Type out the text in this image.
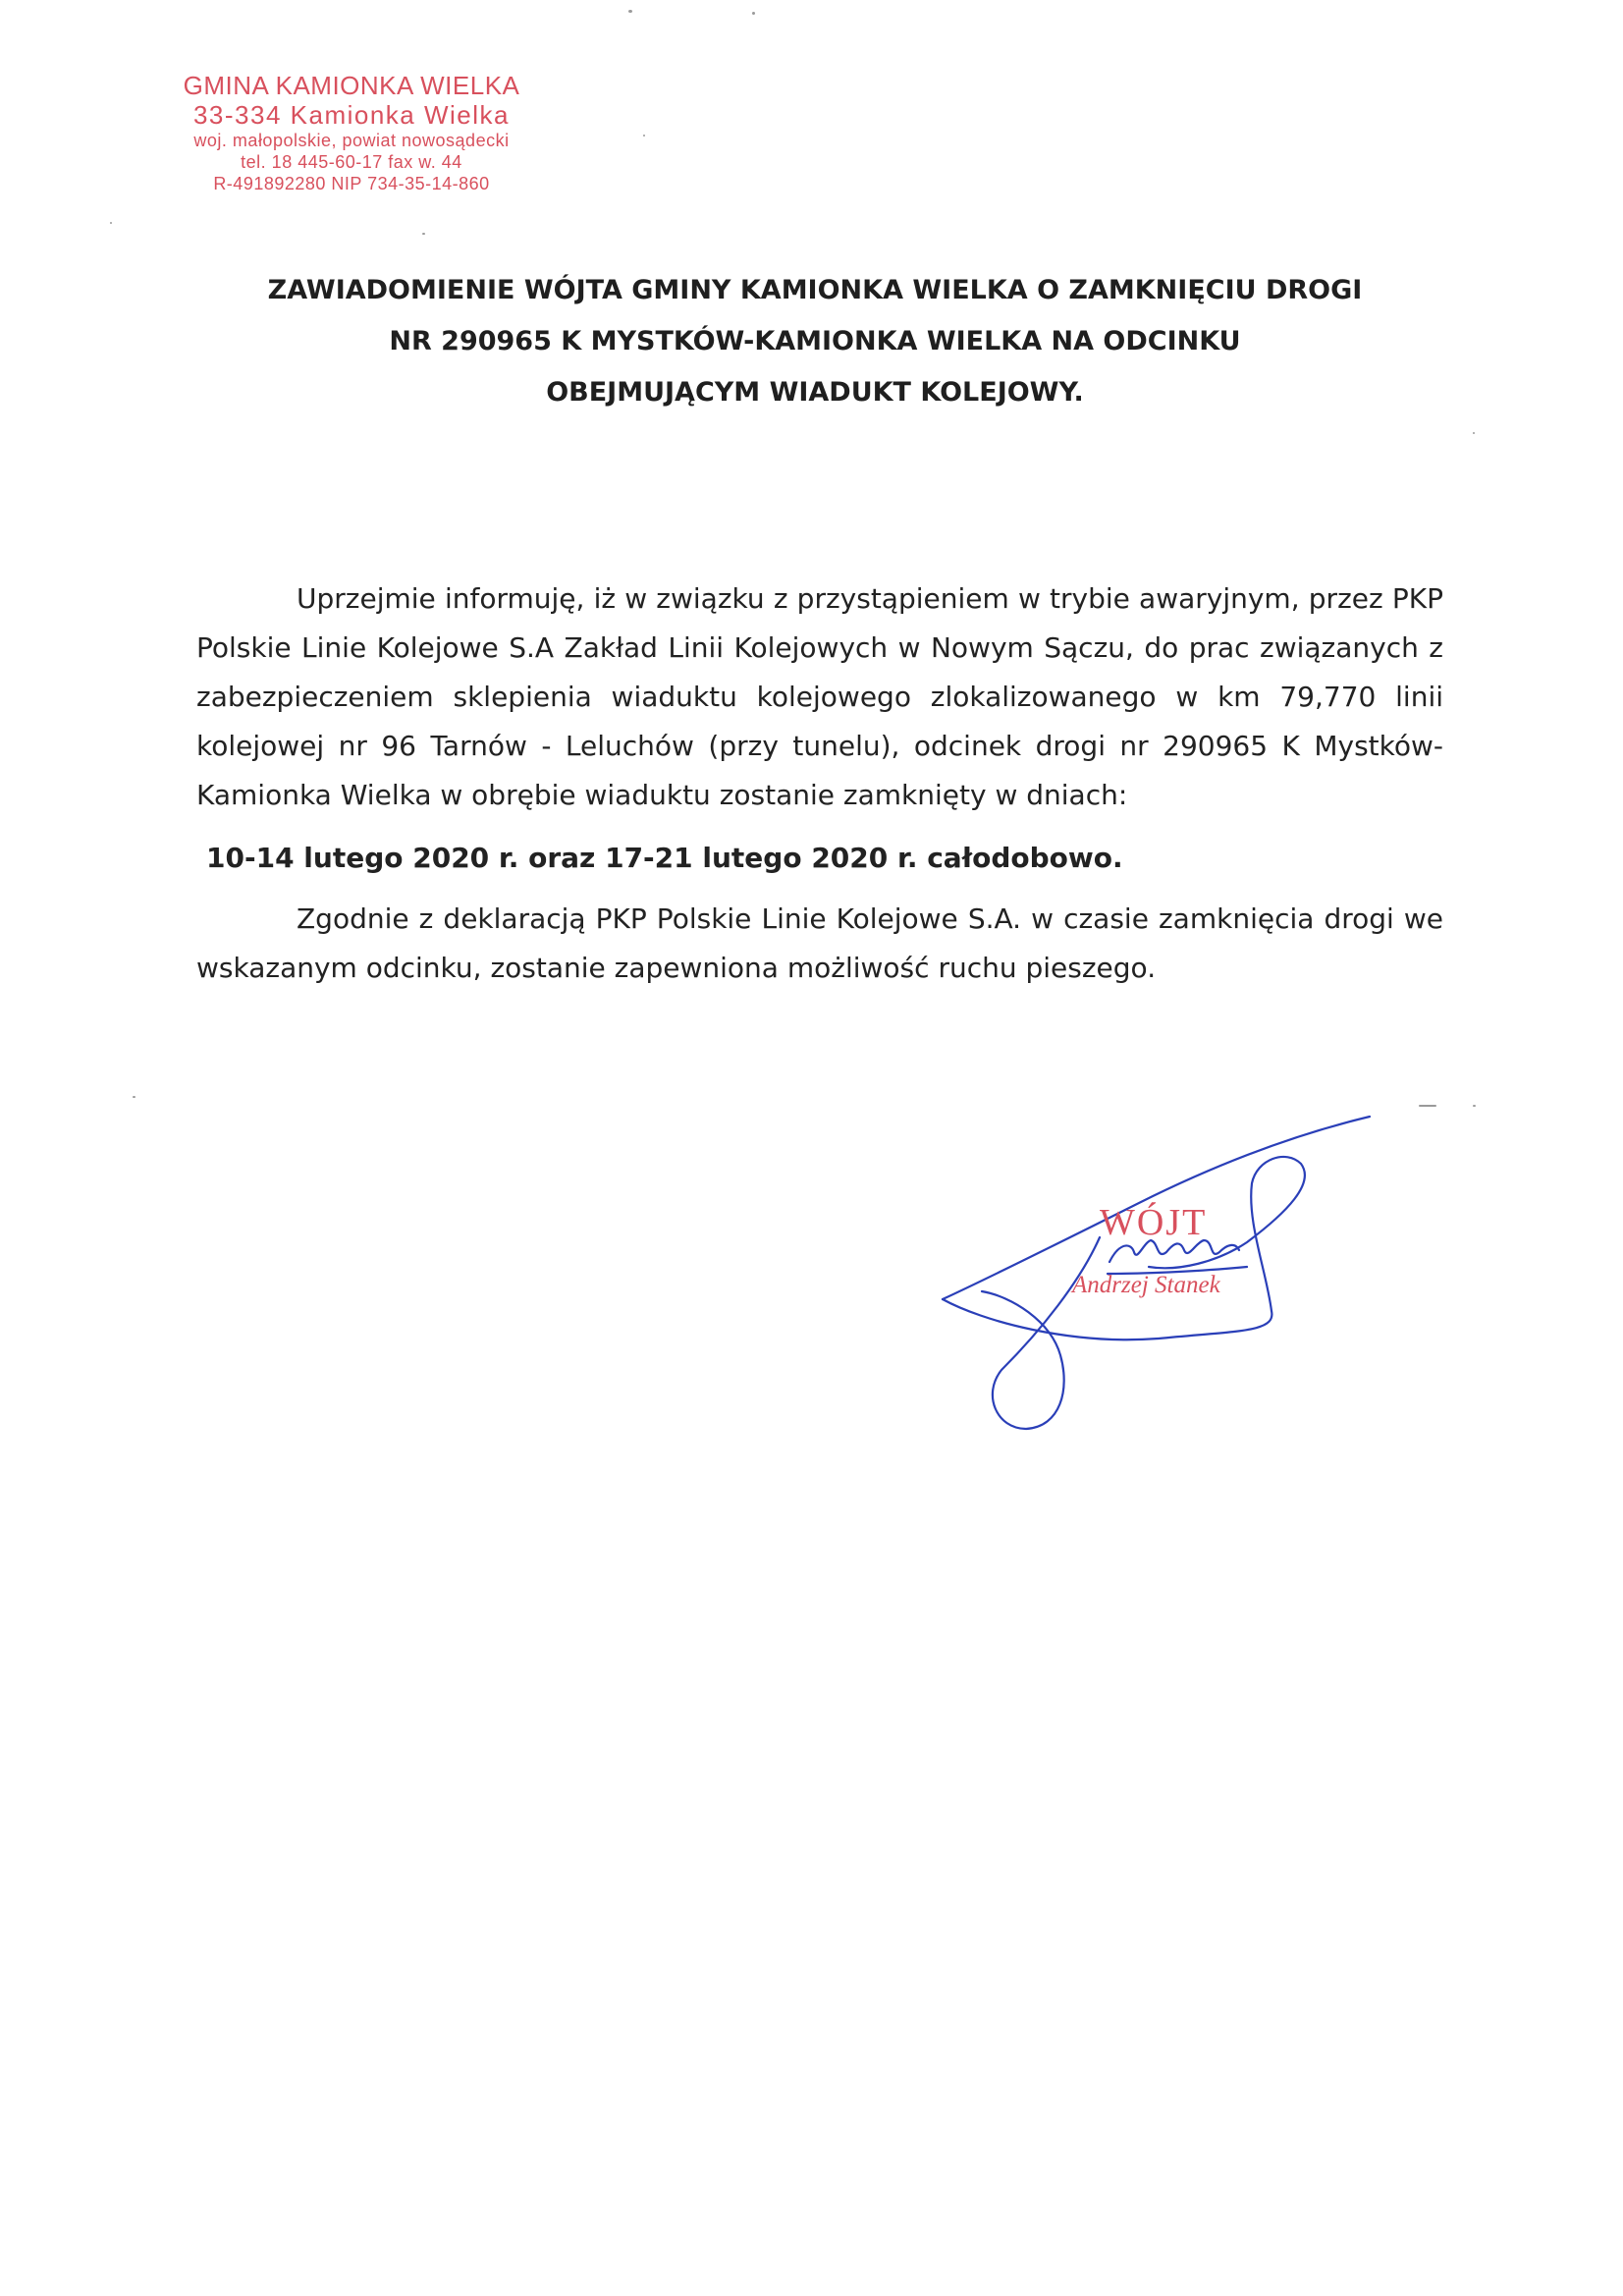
GMINA KAMIONKA WIELKA
33-334 Kamionka Wielka
woj. małopolskie, powiat nowosądecki
tel. 18 445-60-17 fax w. 44
R-491892280 NIP 734-35-14-860
ZAWIADOMIENIE WÓJTA GMINY KAMIONKA WIELKA O ZAMKNIĘCIU DROGI
NR 290965 K MYSTKÓW-KAMIONKA WIELKA NA ODCINKU
OBEJMUJĄCYM WIADUKT KOLEJOWY.

Uprzejmie informuję, iż w związku z przystąpieniem w trybie awaryjnym, przez PKP Polskie Linie Kolejowe S.A Zakład Linii Kolejowych w Nowym Sączu, do prac związanych z zabezpieczeniem sklepienia wiaduktu kolejowego zlokalizowanego w km 79,770 linii kolejowej nr 96 Tarnów - Leluchów (przy tunelu), odcinek drogi nr 290965 K Mystków-Kamionka Wielka w obrębie wiaduktu zostanie zamknięty w dniach:

10-14 lutego 2020 r. oraz 17-21 lutego 2020 r. całodobowo.

Zgodnie z deklaracją PKP Polskie Linie Kolejowe S.A. w czasie zamknięcia drogi we wskazanym odcinku, zostanie zapewniona możliwość ruchu pieszego.

WÓJT
Andrzej Stanek
